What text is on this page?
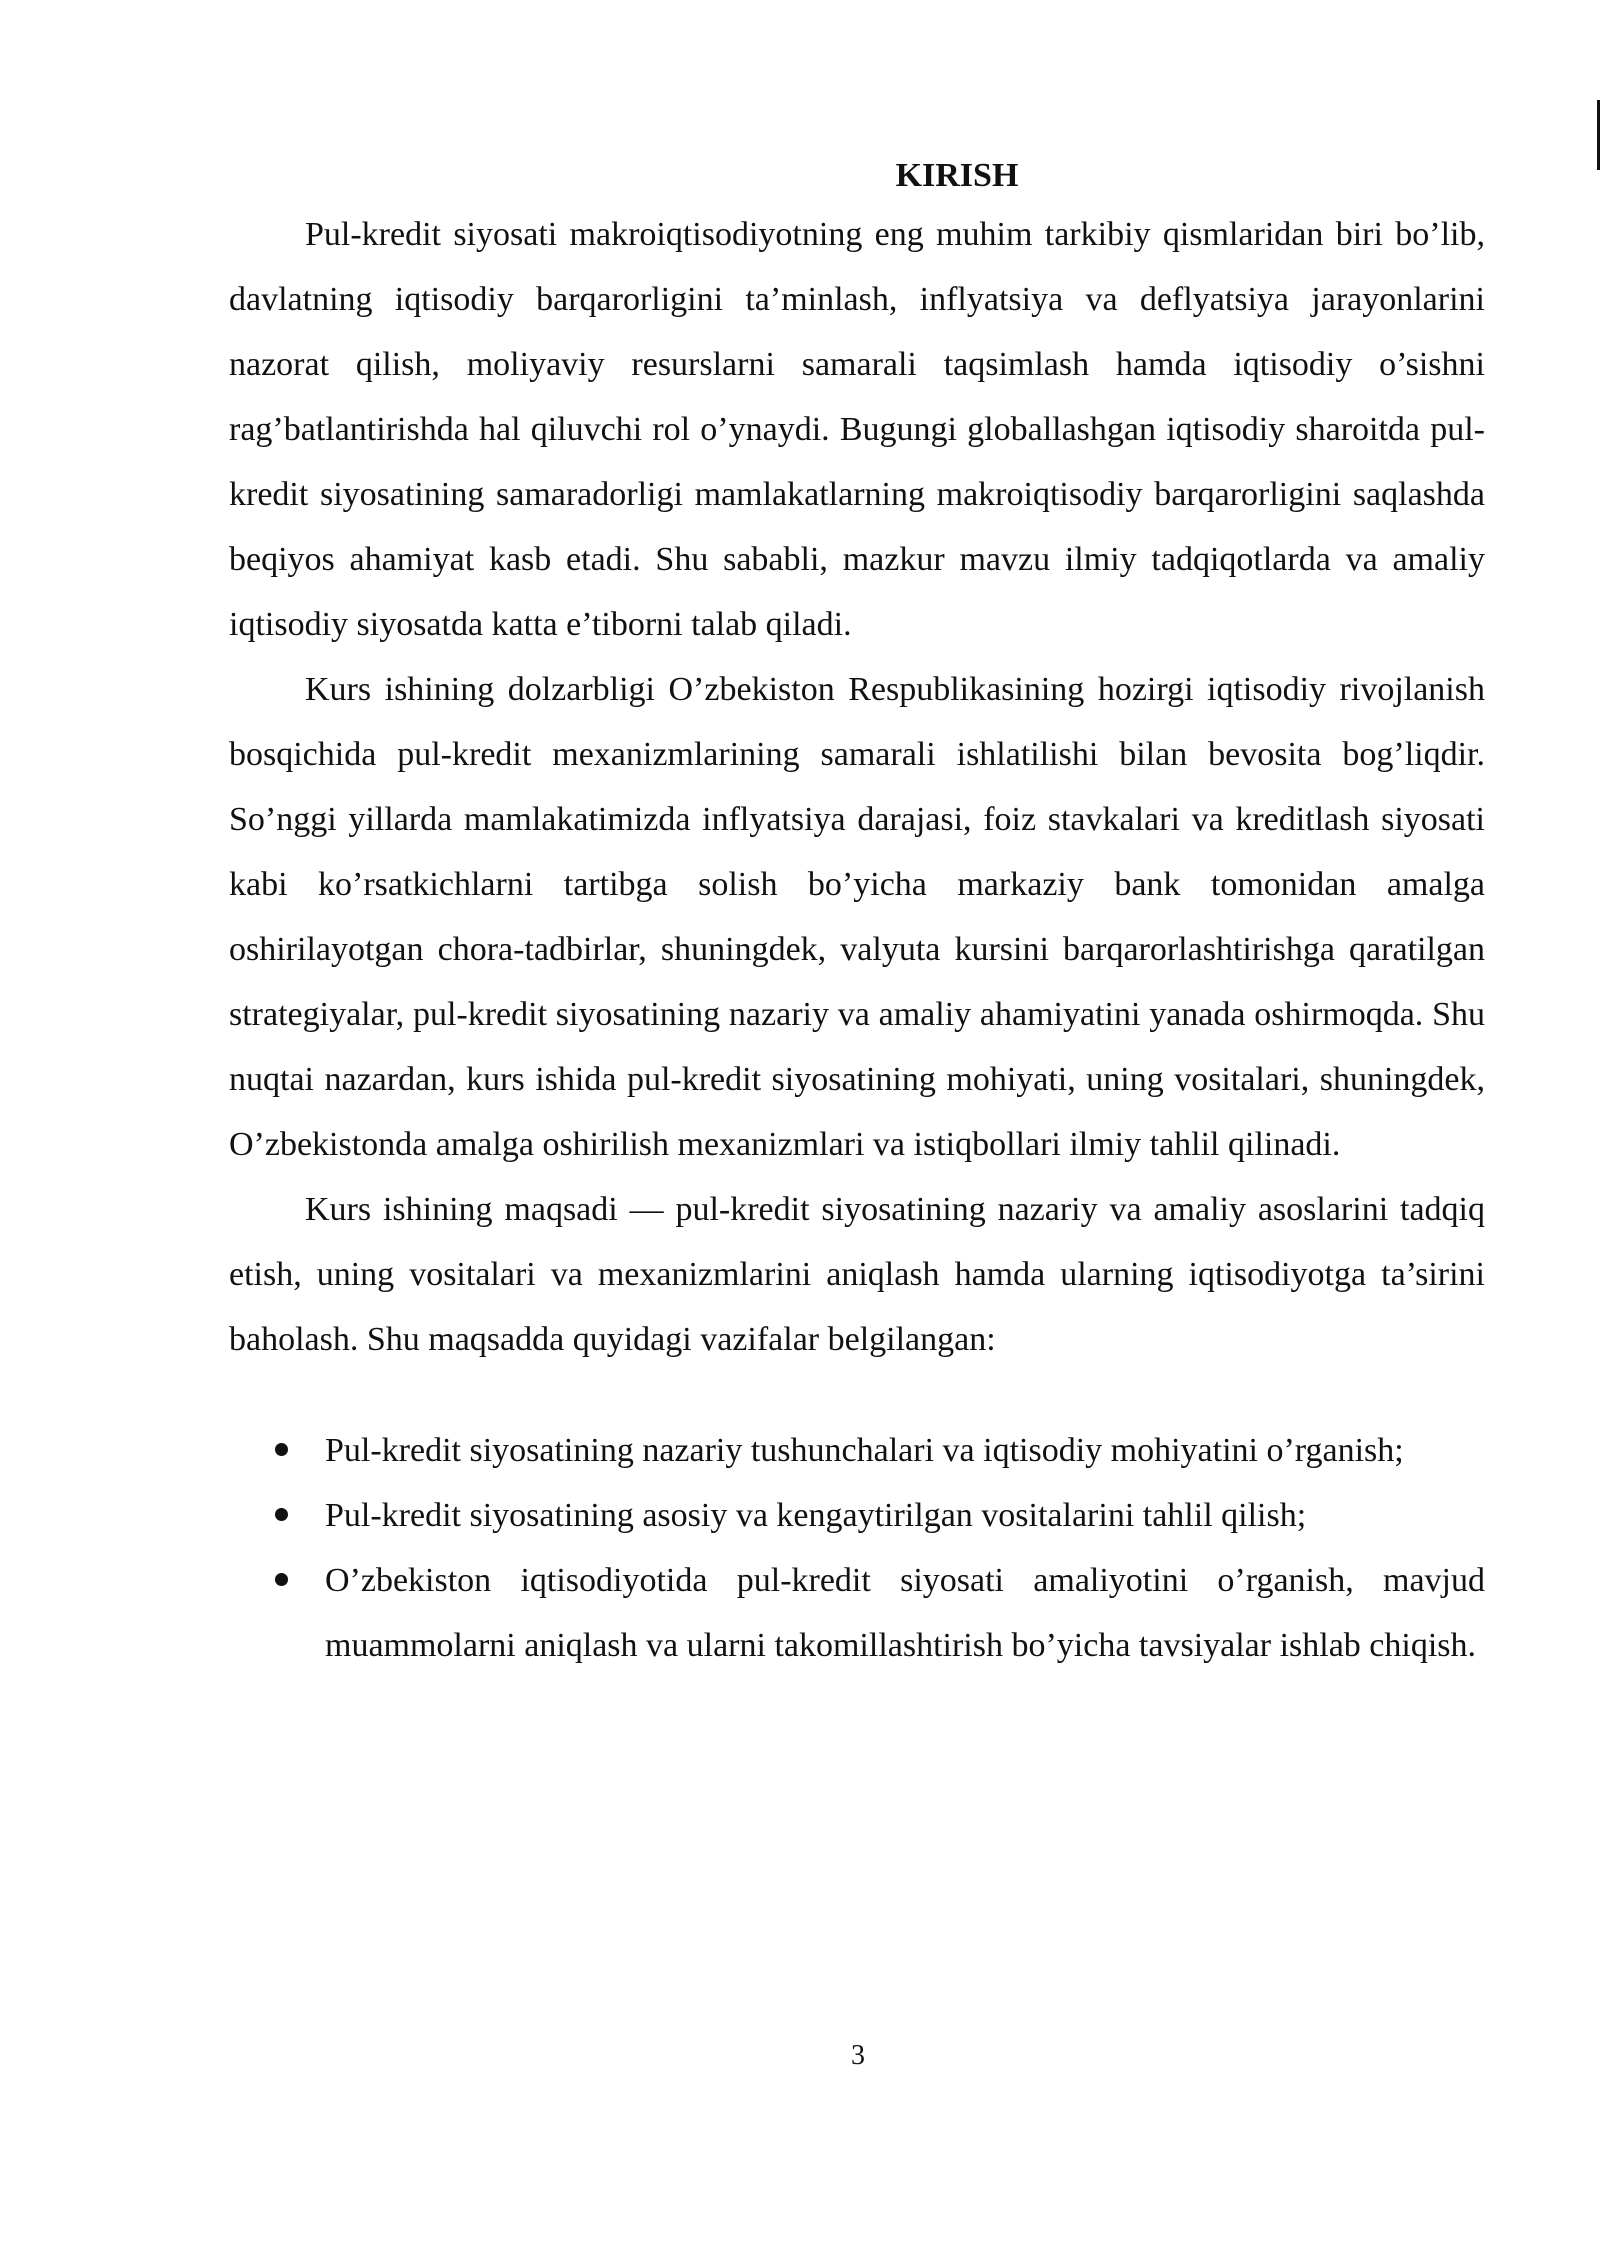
KIRISH

Pul-kredit siyosati makroiqtisodiyotning eng muhim tarkibiy qismlaridan biri bo’lib, davlatning iqtisodiy barqarorligini ta’minlash, inflyatsiya va deflyatsiya jarayonlarini nazorat qilish, moliyaviy resurslarni samarali taqsimlash hamda iqtisodiy o’sishni rag’batlantirishda hal qiluvchi rol o’ynaydi. Bugungi globallashgan iqtisodiy sharoitda pul-kredit siyosatining samaradorligi mamlakatlarning makroiqtisodiy barqarorligini saqlashda beqiyos ahamiyat kasb etadi. Shu sababli, mazkur mavzu ilmiy tadqiqotlarda va amaliy iqtisodiy siyosatda katta e’tiborni talab qiladi.

Kurs ishining dolzarbligi O’zbekiston Respublikasining hozirgi iqtisodiy rivojlanish bosqichida pul-kredit mexanizmlarining samarali ishlatilishi bilan bevosita bog’liqdir. So’nggi yillarda mamlakatimizda inflyatsiya darajasi, foiz stavkalari va kreditlash siyosati kabi ko’rsatkichlarni tartibga solish bo’yicha markaziy bank tomonidan amalga oshirilayotgan chora-tadbirlar, shuningdek, valyuta kursini barqarorlashtirishga qaratilgan strategiyalar, pul-kredit siyosatining nazariy va amaliy ahamiyatini yanada oshirmoqda. Shu nuqtai nazardan, kurs ishida pul-kredit siyosatining mohiyati, uning vositalari, shuningdek, O’zbekistonda amalga oshirilish mexanizmlari va istiqbollari ilmiy tahlil qilinadi.

Kurs ishining maqsadi — pul-kredit siyosatining nazariy va amaliy asoslarini tadqiq etish, uning vositalari va mexanizmlarini aniqlash hamda ularning iqtisodiyotga ta’sirini baholash. Shu maqsadda quyidagi vazifalar belgilangan:

Pul-kredit siyosatining nazariy tushunchalari va iqtisodiy mohiyatini o’rganish;
Pul-kredit siyosatining asosiy va kengaytirilgan vositalarini tahlil qilish;
O’zbekiston iqtisodiyotida pul-kredit siyosati amaliyotini o’rganish, mavjud muammolarni aniqlash va ularni takomillashtirish bo’yicha tavsiyalar ishlab chiqish.
3
